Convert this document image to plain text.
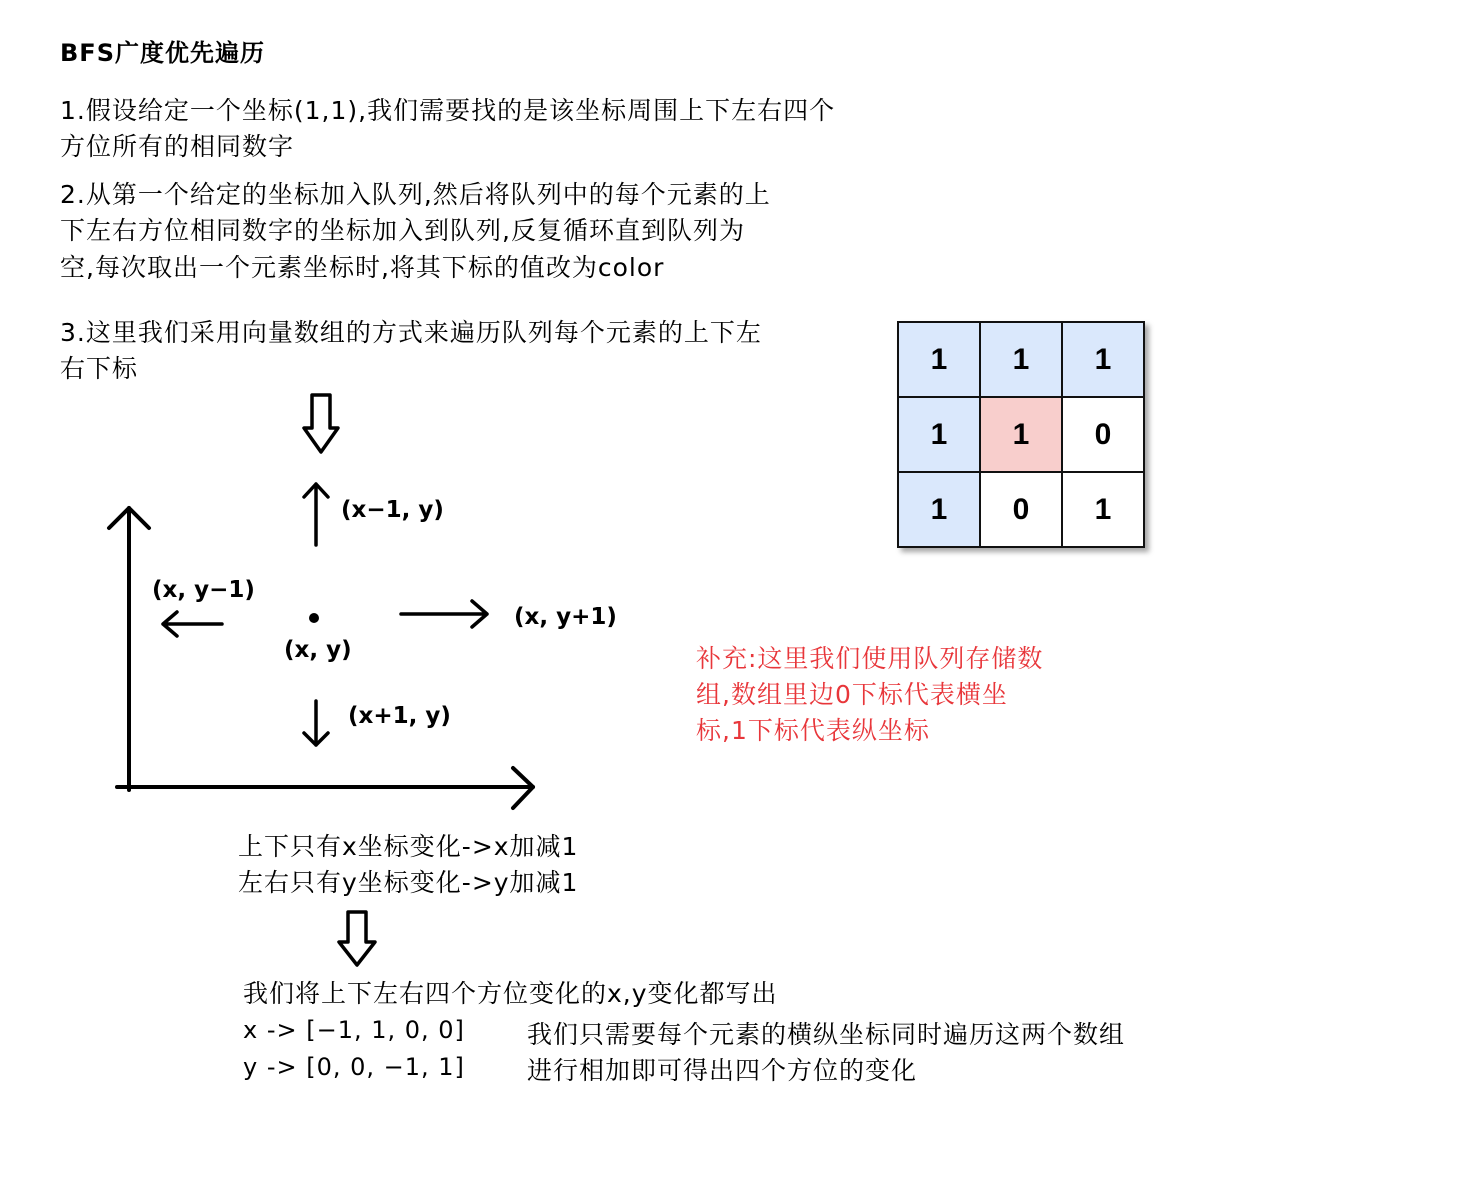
BFS广度优先遍历
1.假设给定一个坐标(1,1),我们需要找的是该坐标周围上下左右四个
方位所有的相同数字
2.从第一个给定的坐标加入队列,然后将队列中的每个元素的上
下左右方位相同数字的坐标加入到队列,反复循环直到队列为
空,每次取出一个元素坐标时,将其下标的值改为color
3.这里我们采用向量数组的方式来遍历队列每个元素的上下左
右下标
(x−1, y)
(x, y−1)
(x, y+1)
(x, y)
(x+1, y)
1	1	1
1	1	0
1	0	1
补充:这里我们使用队列存储数
组,数组里边0下标代表横坐
标,1下标代表纵坐标
上下只有x坐标变化->x加减1
左右只有y坐标变化->y加减1
我们将上下左右四个方位变化的x,y变化都写出
x -> [−1, 1, 0, 0]
y -> [0, 0, −1, 1]
我们只需要每个元素的横纵坐标同时遍历这两个数组
进行相加即可得出四个方位的变化
